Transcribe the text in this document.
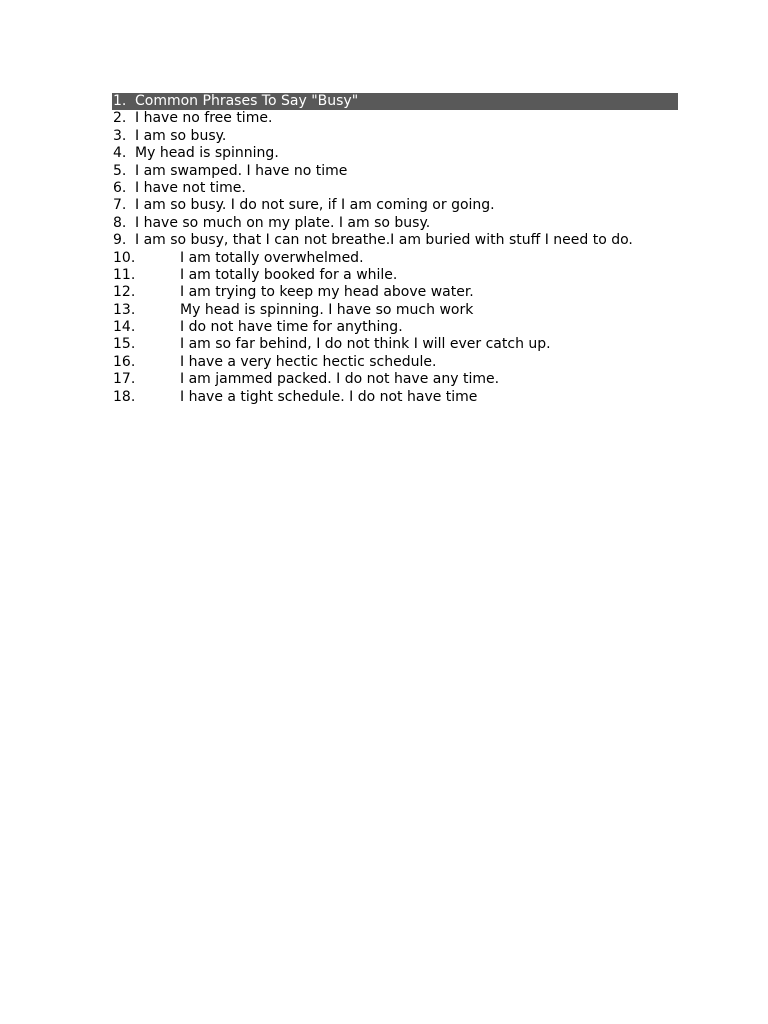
1. Common Phrases To Say "Busy"
2. I have no free time.
3. I am so busy.
4. My head is spinning.
5. I am swamped. I have no time
6. I have not time.
7. I am so busy. I do not sure, if I am coming or going.
8. I have so much on my plate. I am so busy.
9. I am so busy, that I can not breathe.I am buried with stuff I need to do.
10.	I am totally overwhelmed.
11.	I am totally booked for a while.
12.	I am trying to keep my head above water.
13.	My head is spinning. I have so much work
14.	I do not have time for anything.
15.	I am so far behind, I do not think I will ever catch up.
16.	I have a very hectic hectic schedule.
17.	I am jammed packed. I do not have any time.
18.	I have a tight schedule. I do not have time
